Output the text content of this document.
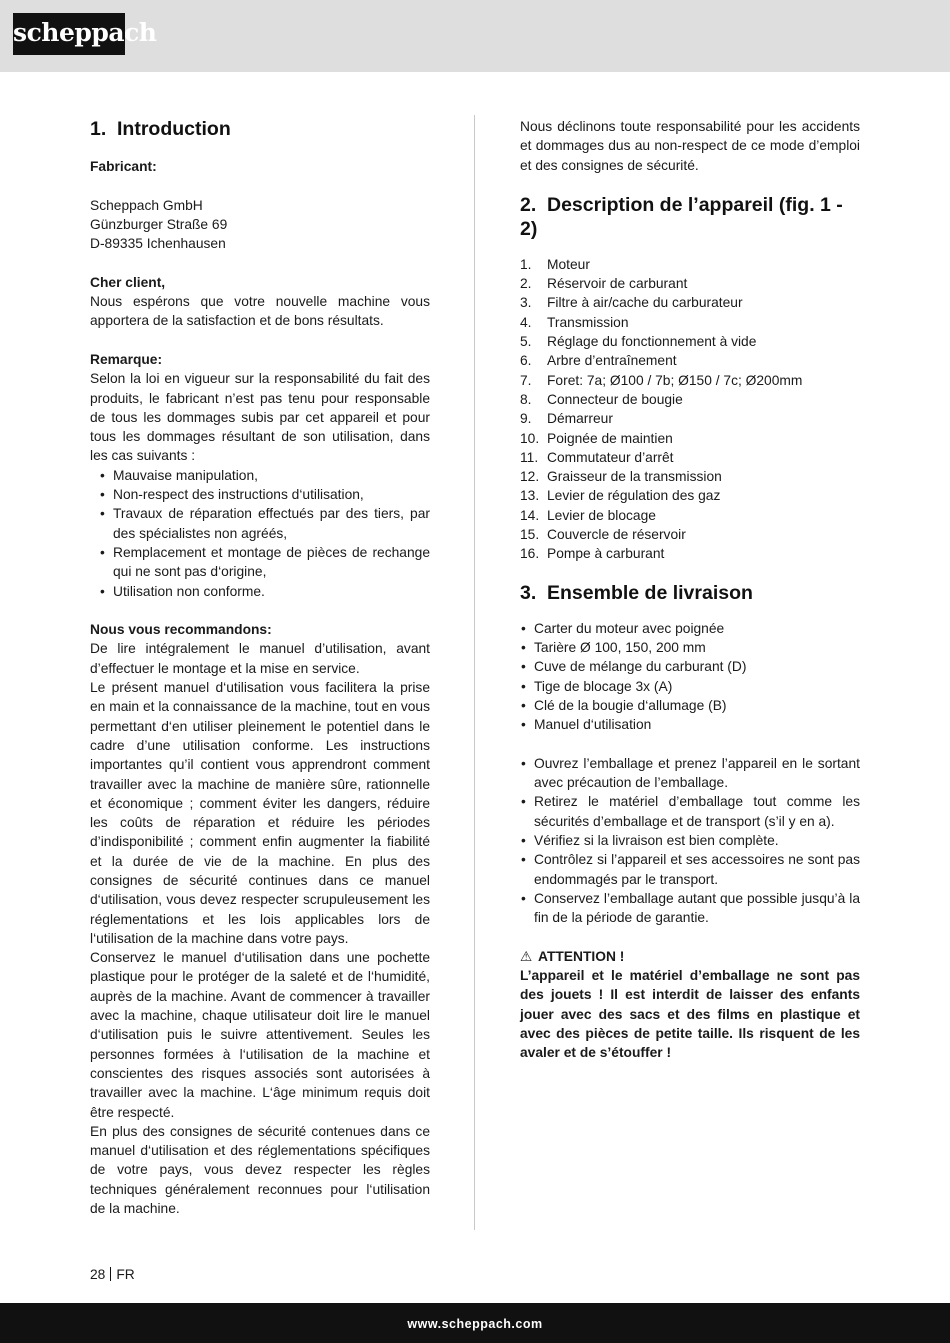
scheppach
1. Introduction

Fabricant:

Scheppach GmbH

Günzburger Straße 69

D-89335 Ichenhausen

Cher client,

Nous espérons que votre nouvelle machine vous apportera de la satisfaction et de bons résultats.

Remarque:

Selon la loi en vigueur sur la responsabilité du fait des produits, le fabricant n’est pas tenu pour responsable de tous les dommages subis par cet appareil et pour tous les dommages résultant de son utilisation, dans les cas suivants :

• Mauvaise manipulation,
• Non-respect des instructions d‘utilisation,
• Travaux de réparation effectués par des tiers, par des spécialistes non agréés,
• Remplacement et montage de pièces de rechange qui ne sont pas d‘origine,
• Utilisation non conforme.

Nous vous recommandons:

De lire intégralement le manuel d’utilisation, avant d’effectuer le montage et la mise en service.

Le présent manuel d‘utilisation vous facilitera la prise en main et la connaissance de la machine, tout en vous permettant d‘en utiliser pleinement le potentiel dans le cadre d’une utilisation conforme. Les instructions importantes qu’il contient vous apprendront comment travailler avec la machine de manière sûre, rationnelle et économique ; comment éviter les dangers, réduire les coûts de réparation et réduire les périodes d’indisponibilité ; comment enfin augmenter la fiabilité et la durée de vie de la machine. En plus des consignes de sécurité continues dans ce manuel d‘utilisation, vous devez respecter scrupuleusement les réglementations et les lois applicables lors de l‘utilisation de la machine dans votre pays.

Conservez le manuel d‘utilisation dans une pochette plastique pour le protéger de la saleté et de l‘humidité, auprès de la machine. Avant de commencer à travailler avec la machine, chaque utilisateur doit lire le manuel d‘utilisation puis le suivre attentivement. Seules les personnes formées à l‘utilisation de la machine et conscientes des risques associés sont autorisées à travailler avec la machine. L‘âge minimum requis doit être respecté.

En plus des consignes de sécurité contenues dans ce manuel d‘utilisation et des réglementations spécifiques de votre pays, vous devez respecter les règles techniques généralement reconnues pour l‘utilisation de la machine.

Nous déclinons toute responsabilité pour les accidents et dommages dus au non-respect de ce mode d’emploi et des consignes de sécurité.

2. Description de l’appareil (fig. 1 - 2)
1.	Moteur
2.	Réservoir de carburant
3.	Filtre à air/cache du carburateur
4.	Transmission
5.	Réglage du fonctionnement à vide
6.	Arbre d’entraînement
7.	Foret: 7a; Ø100 / 7b; Ø150 / 7c; Ø200mm
8.	Connecteur de bougie
9.	Démarreur
10. Poignée de maintien
11. Commutateur d’arrêt
12. Graisseur de la transmission
13. Levier de régulation des gaz
14. Levier de blocage
15. Couvercle de réservoir
16. Pompe à carburant
3. Ensemble de livraison
• Carter du moteur avec poignée
• Tarière Ø 100, 150, 200 mm
• Cuve de mélange du carburant (D)
• Tige de blocage 3x (A)
• Clé de la bougie d‘allumage (B)
• Manuel d‘utilisation
• Ouvrez l’emballage et prenez l’appareil en le sortant avec précaution de l’emballage.
• Retirez le matériel d’emballage tout comme les sécurités d’emballage et de transport (s’il y en a).
• Vérifiez si la livraison est bien complète.
• Contrôlez si l’appareil et ses accessoires ne sont pas endommagés par le transport.
• Conservez l’emballage autant que possible jusqu’à la fin de la période de garantie.

⚠ ATTENTION !

L’appareil et le matériel d’emballage ne sont pas des jouets ! Il est interdit de laisser des enfants jouer avec des sacs et des films en plastique et avec des pièces de petite taille. Ils risquent de les avaler et de s’étouffer !

28 FR
www.scheppach.com
